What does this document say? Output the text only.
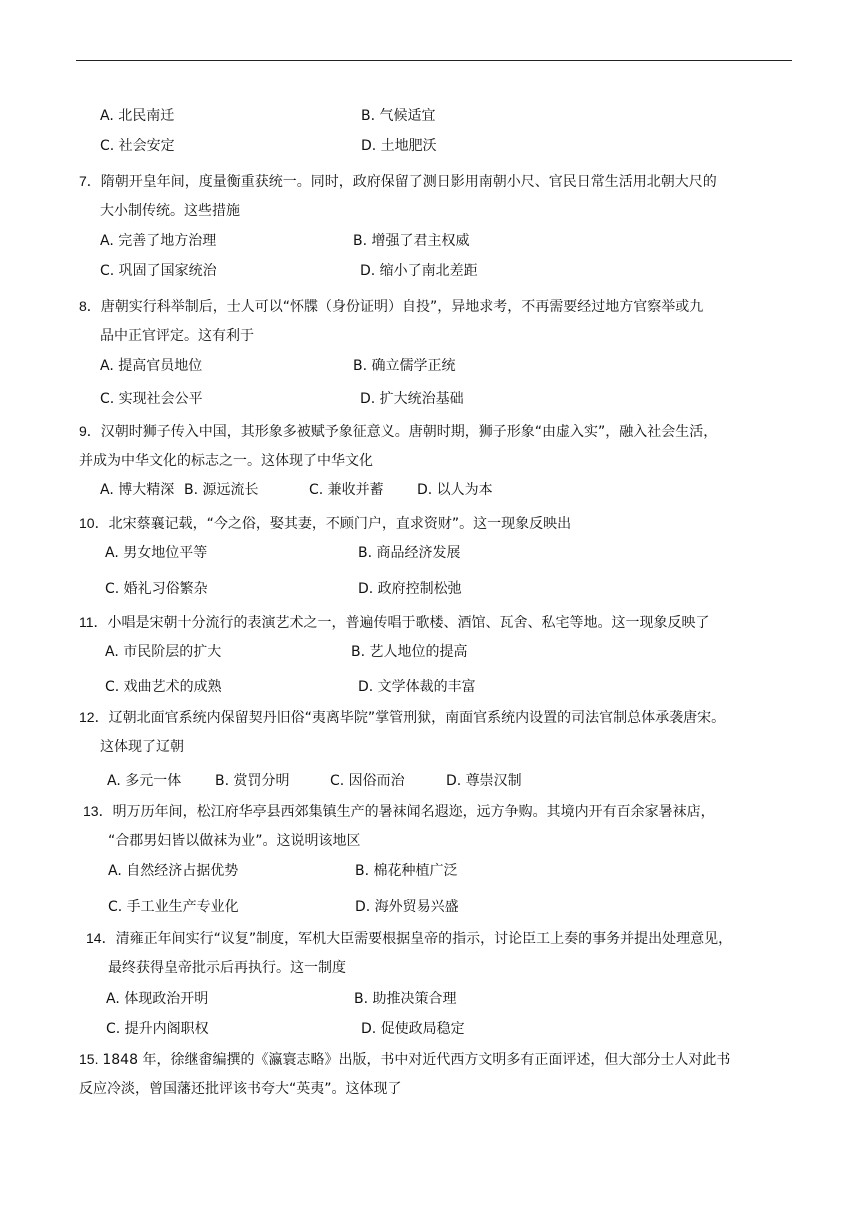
A. 北民南迁	B. 气候适宜
C. 社会安定	D. 土地肥沃
7．隋朝开皇年间，度量衡重获统一。同时，政府保留了测日影用南朝小尺、官民日常生活用北朝大尺的
大小制传统。这些措施
A. 完善了地方治理	B. 增强了君主权威
C. 巩固了国家统治	D. 缩小了南北差距
8．唐朝实行科举制后，士人可以“怀牒（身份证明）自投”，异地求考，不再需要经过地方官察举或九
品中正官评定。这有利于
A. 提高官员地位	B. 确立儒学正统
C. 实现社会公平	D. 扩大统治基础
9．汉朝时狮子传入中国，其形象多被赋予象征意义。唐朝时期，狮子形象“由虚入实”，融入社会生活，
并成为中华文化的标志之一。这体现了中华文化
A. 博大精深 B. 源远流长	C. 兼收并蓄 D. 以人为本
10．北宋蔡襄记载，“今之俗，娶其妻，不顾门户，直求资财”。这一现象反映出
A. 男女地位平等	B. 商品经济发展
C. 婚礼习俗繁杂	D. 政府控制松弛
11．小唱是宋朝十分流行的表演艺术之一，普遍传唱于歌楼、酒馆、瓦舍、私宅等地。这一现象反映了
A. 市民阶层的扩大	B. 艺人地位的提高
C. 戏曲艺术的成熟	D. 文学体裁的丰富
12．辽朝北面官系统内保留契丹旧俗“夷离毕院”掌管刑狱，南面官系统内设置的司法官制总体承袭唐宋。
这体现了辽朝
A. 多元一体 B. 赏罚分明	C. 因俗而治	D. 尊崇汉制
13．明万历年间，松江府华亭县西郊集镇生产的暑袜闻名遐迩，远方争购。其境内开有百余家暑袜店，
“合郡男妇皆以做袜为业”。这说明该地区
A. 自然经济占据优势	B. 棉花种植广泛
C. 手工业生产专业化	D. 海外贸易兴盛
14．清雍正年间实行“议复”制度，军机大臣需要根据皇帝的指示，讨论臣工上奏的事务并提出处理意见，
最终获得皇帝批示后再执行。这一制度
A. 体现政治开明	B. 助推决策合理
C. 提升内阁职权	D. 促使政局稳定
15. 1848 年，徐继畬编撰的《瀛寰志略》出版，书中对近代西方文明多有正面评述，但大部分士人对此书
反应冷淡，曾国藩还批评该书夸大“英夷”。这体现了
